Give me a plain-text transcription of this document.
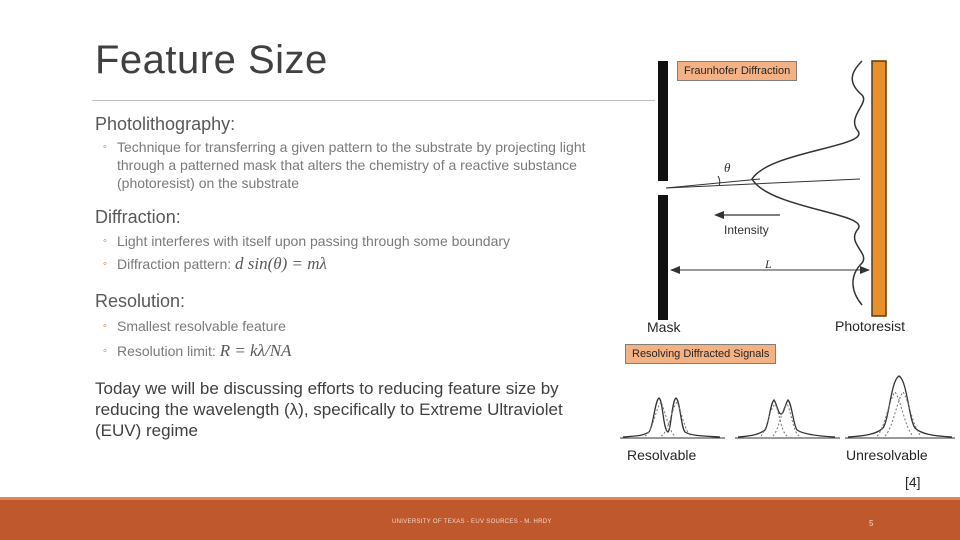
Feature Size
Photolithography:
◦ Technique for transferring a given pattern to the substrate by projecting light through a patterned mask that alters the chemistry of a reactive substance (photoresist) on the substrate
Diffraction:
◦ Light interferes with itself upon passing through some boundary
◦ Diffraction pattern: d sin(θ) = mλ
Resolution:
◦ Smallest resolvable feature
◦ Resolution limit: R = kλ/NA
Today we will be discussing efforts to reducing feature size by reducing the wavelength (λ), specifically to Extreme Ultraviolet (EUV) regime
θ
Intensity
L
Fraunhofer Diffraction
Mask	Photoresist
Resolving Diffracted Signals
Resolvable	Unresolvable
[4]
UNIVERSITY OF TEXAS - EUV SOURCES - M. HRDY	5
